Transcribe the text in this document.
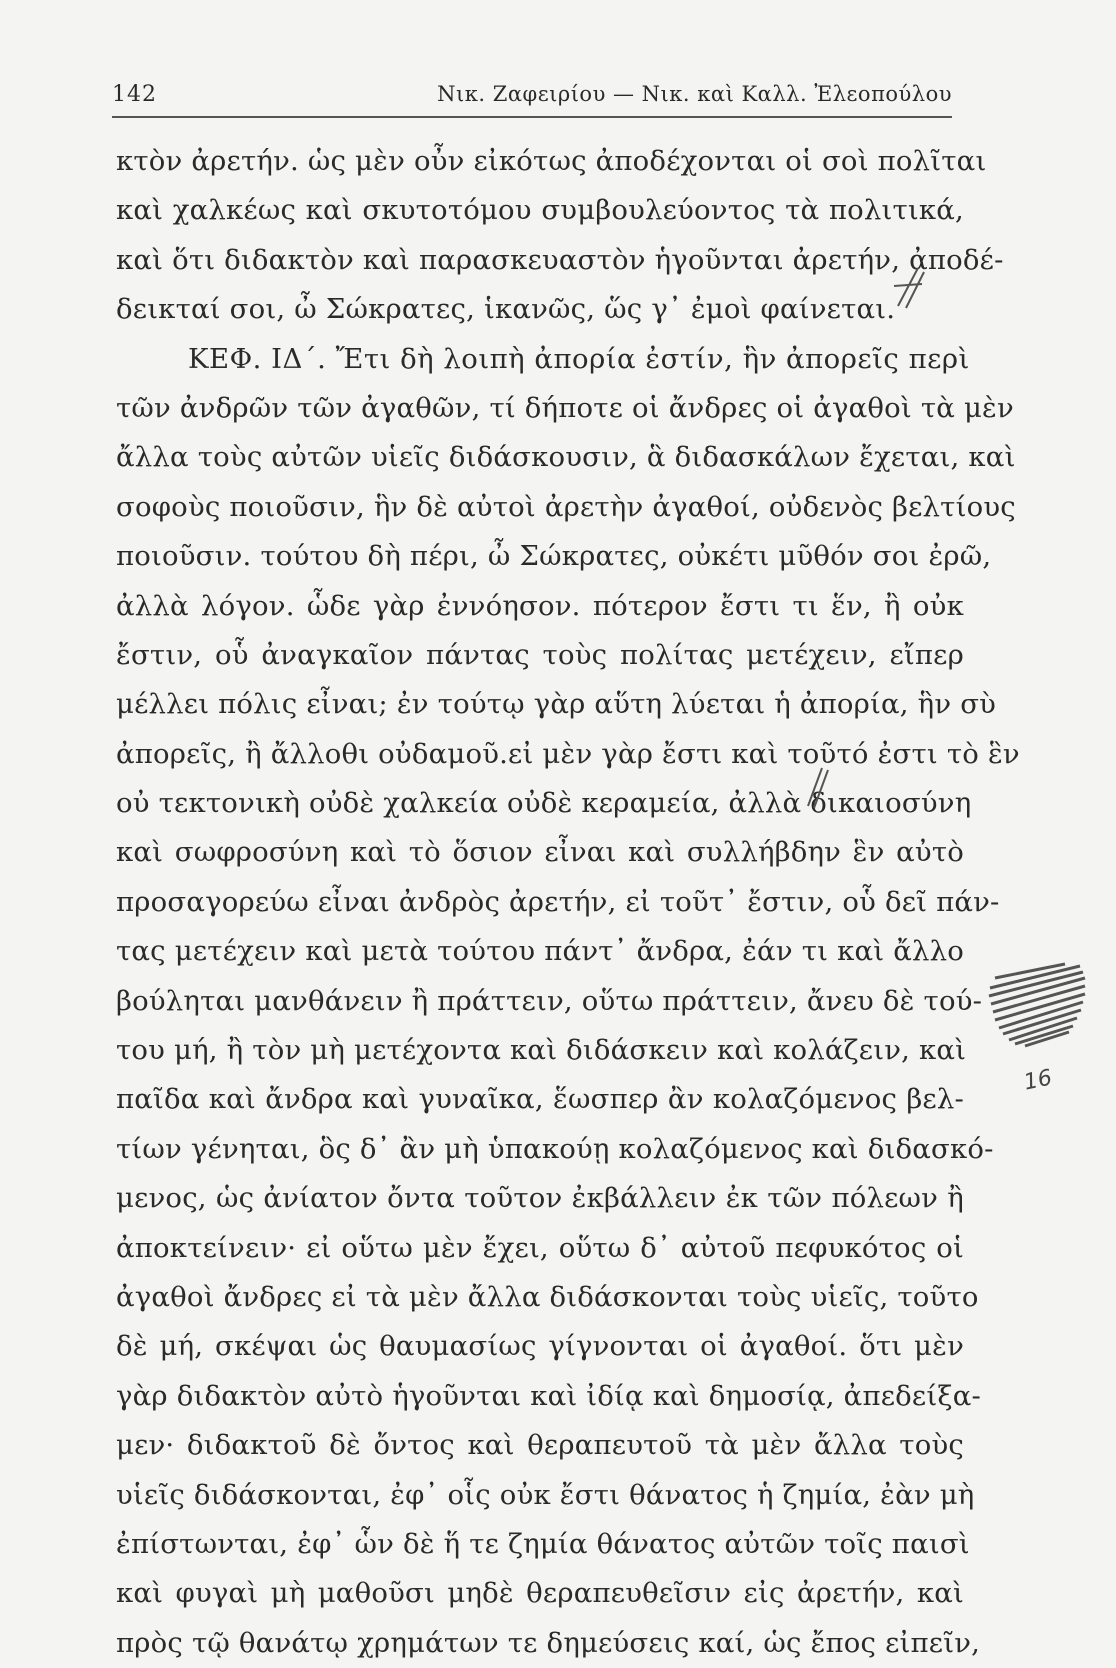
142	Νικ. Ζαφειρίου — Νικ. καὶ Καλλ. Ἐλεοπούλου
κτὸν ἀρετήν. ὡς μὲν οὖν εἰκότως ἀποδέχονται οἱ σοὶ πολῖται
καὶ χαλκέως καὶ σκυτοτόμου συμβουλεύοντος τὰ πολιτικά,
καὶ ὅτι διδακτὸν καὶ παρασκευαστὸν ἡγοῦνται ἀρετήν, ἀποδέ-
δεικταί σοι, ὦ Σώκρατες, ἱκανῶς, ὥς γ᾽ ἐμοὶ φαίνεται.
ΚΕΦ. ΙΔ΄. Ἔτι δὴ λοιπὴ ἀπορία ἐστίν, ἣν ἀπορεῖς περὶ
τῶν ἀνδρῶν τῶν ἀγαθῶν, τί δήποτε οἱ ἄνδρες οἱ ἀγαθοὶ τὰ μὲν
ἄλλα τοὺς αὐτῶν υἱεῖς διδάσκουσιν, ἃ διδασκάλων ἔχεται, καὶ
σοφοὺς ποιοῦσιν, ἣν δὲ αὐτοὶ ἀρετὴν ἀγαθοί, οὐδενὸς βελτίους
ποιοῦσιν. τούτου δὴ πέρι, ὦ Σώκρατες, οὐκέτι μῦθόν σοι ἐρῶ,
ἀλλὰ λόγον. ὧδε γὰρ ἐννόησον. πότερον ἔστι τι ἕν, ἢ οὐκ
ἔστιν, οὗ ἀναγκαῖον πάντας τοὺς πολίτας μετέχειν, εἴπερ
μέλλει πόλις εἶναι; ἐν τούτῳ γὰρ αὕτη λύεται ἡ ἀπορία, ἣν σὺ
ἀπορεῖς, ἢ ἄλλοθι οὐδαμοῦ.εἰ μὲν γὰρ ἔστι καὶ τοῦτό ἐστι τὸ ἓν
οὐ τεκτονικὴ οὐδὲ χαλκεία οὐδὲ κεραμεία, ἀλλὰ δικαιοσύνη
καὶ σωφροσύνη καὶ τὸ ὅσιον εἶναι καὶ συλλήβδην ἓν αὐτὸ
προσαγορεύω εἶναι ἀνδρὸς ἀρετήν, εἰ τοῦτ᾽ ἔστιν, οὗ δεῖ πάν-
τας μετέχειν καὶ μετὰ τούτου πάντ᾽ ἄνδρα, ἐάν τι καὶ ἄλλο
βούληται μανθάνειν ἢ πράττειν, οὕτω πράττειν, ἄνευ δὲ τού-
του μή, ἢ τὸν μὴ μετέχοντα καὶ διδάσκειν καὶ κολάζειν, καὶ
παῖδα καὶ ἄνδρα καὶ γυναῖκα, ἕωσπερ ἂν κολαζόμενος βελ-
τίων γένηται, ὃς δ᾽ ἂν μὴ ὑπακούῃ κολαζόμενος καὶ διδασκό-
μενος, ὡς ἀνίατον ὄντα τοῦτον ἐκβάλλειν ἐκ τῶν πόλεων ἢ
ἀποκτείνειν· εἰ οὕτω μὲν ἔχει, οὕτω δ᾽ αὐτοῦ πεφυκότος οἱ
ἀγαθοὶ ἄνδρες εἰ τὰ μὲν ἄλλα διδάσκονται τοὺς υἱεῖς, τοῦτο
δὲ μή, σκέψαι ὡς θαυμασίως γίγνονται οἱ ἀγαθοί. ὅτι μὲν
γὰρ διδακτὸν αὐτὸ ἡγοῦνται καὶ ἰδίᾳ καὶ δημοσίᾳ, ἀπεδείξα-
μεν· διδακτοῦ δὲ ὄντος καὶ θεραπευτοῦ τὰ μὲν ἄλλα τοὺς
υἱεῖς διδάσκονται, ἐφ᾽ οἷς οὐκ ἔστι θάνατος ἡ ζημία, ἐὰν μὴ
ἐπίστωνται, ἐφ᾽ ὧν δὲ ἥ τε ζημία θάνατος αὐτῶν τοῖς παισὶ
καὶ φυγαὶ μὴ μαθοῦσι μηδὲ θεραπευθεῖσιν εἰς ἀρετήν, καὶ
πρὸς τῷ θανάτῳ χρημάτων τε δημεύσεις καί, ὡς ἔπος εἰπεῖν,
16
